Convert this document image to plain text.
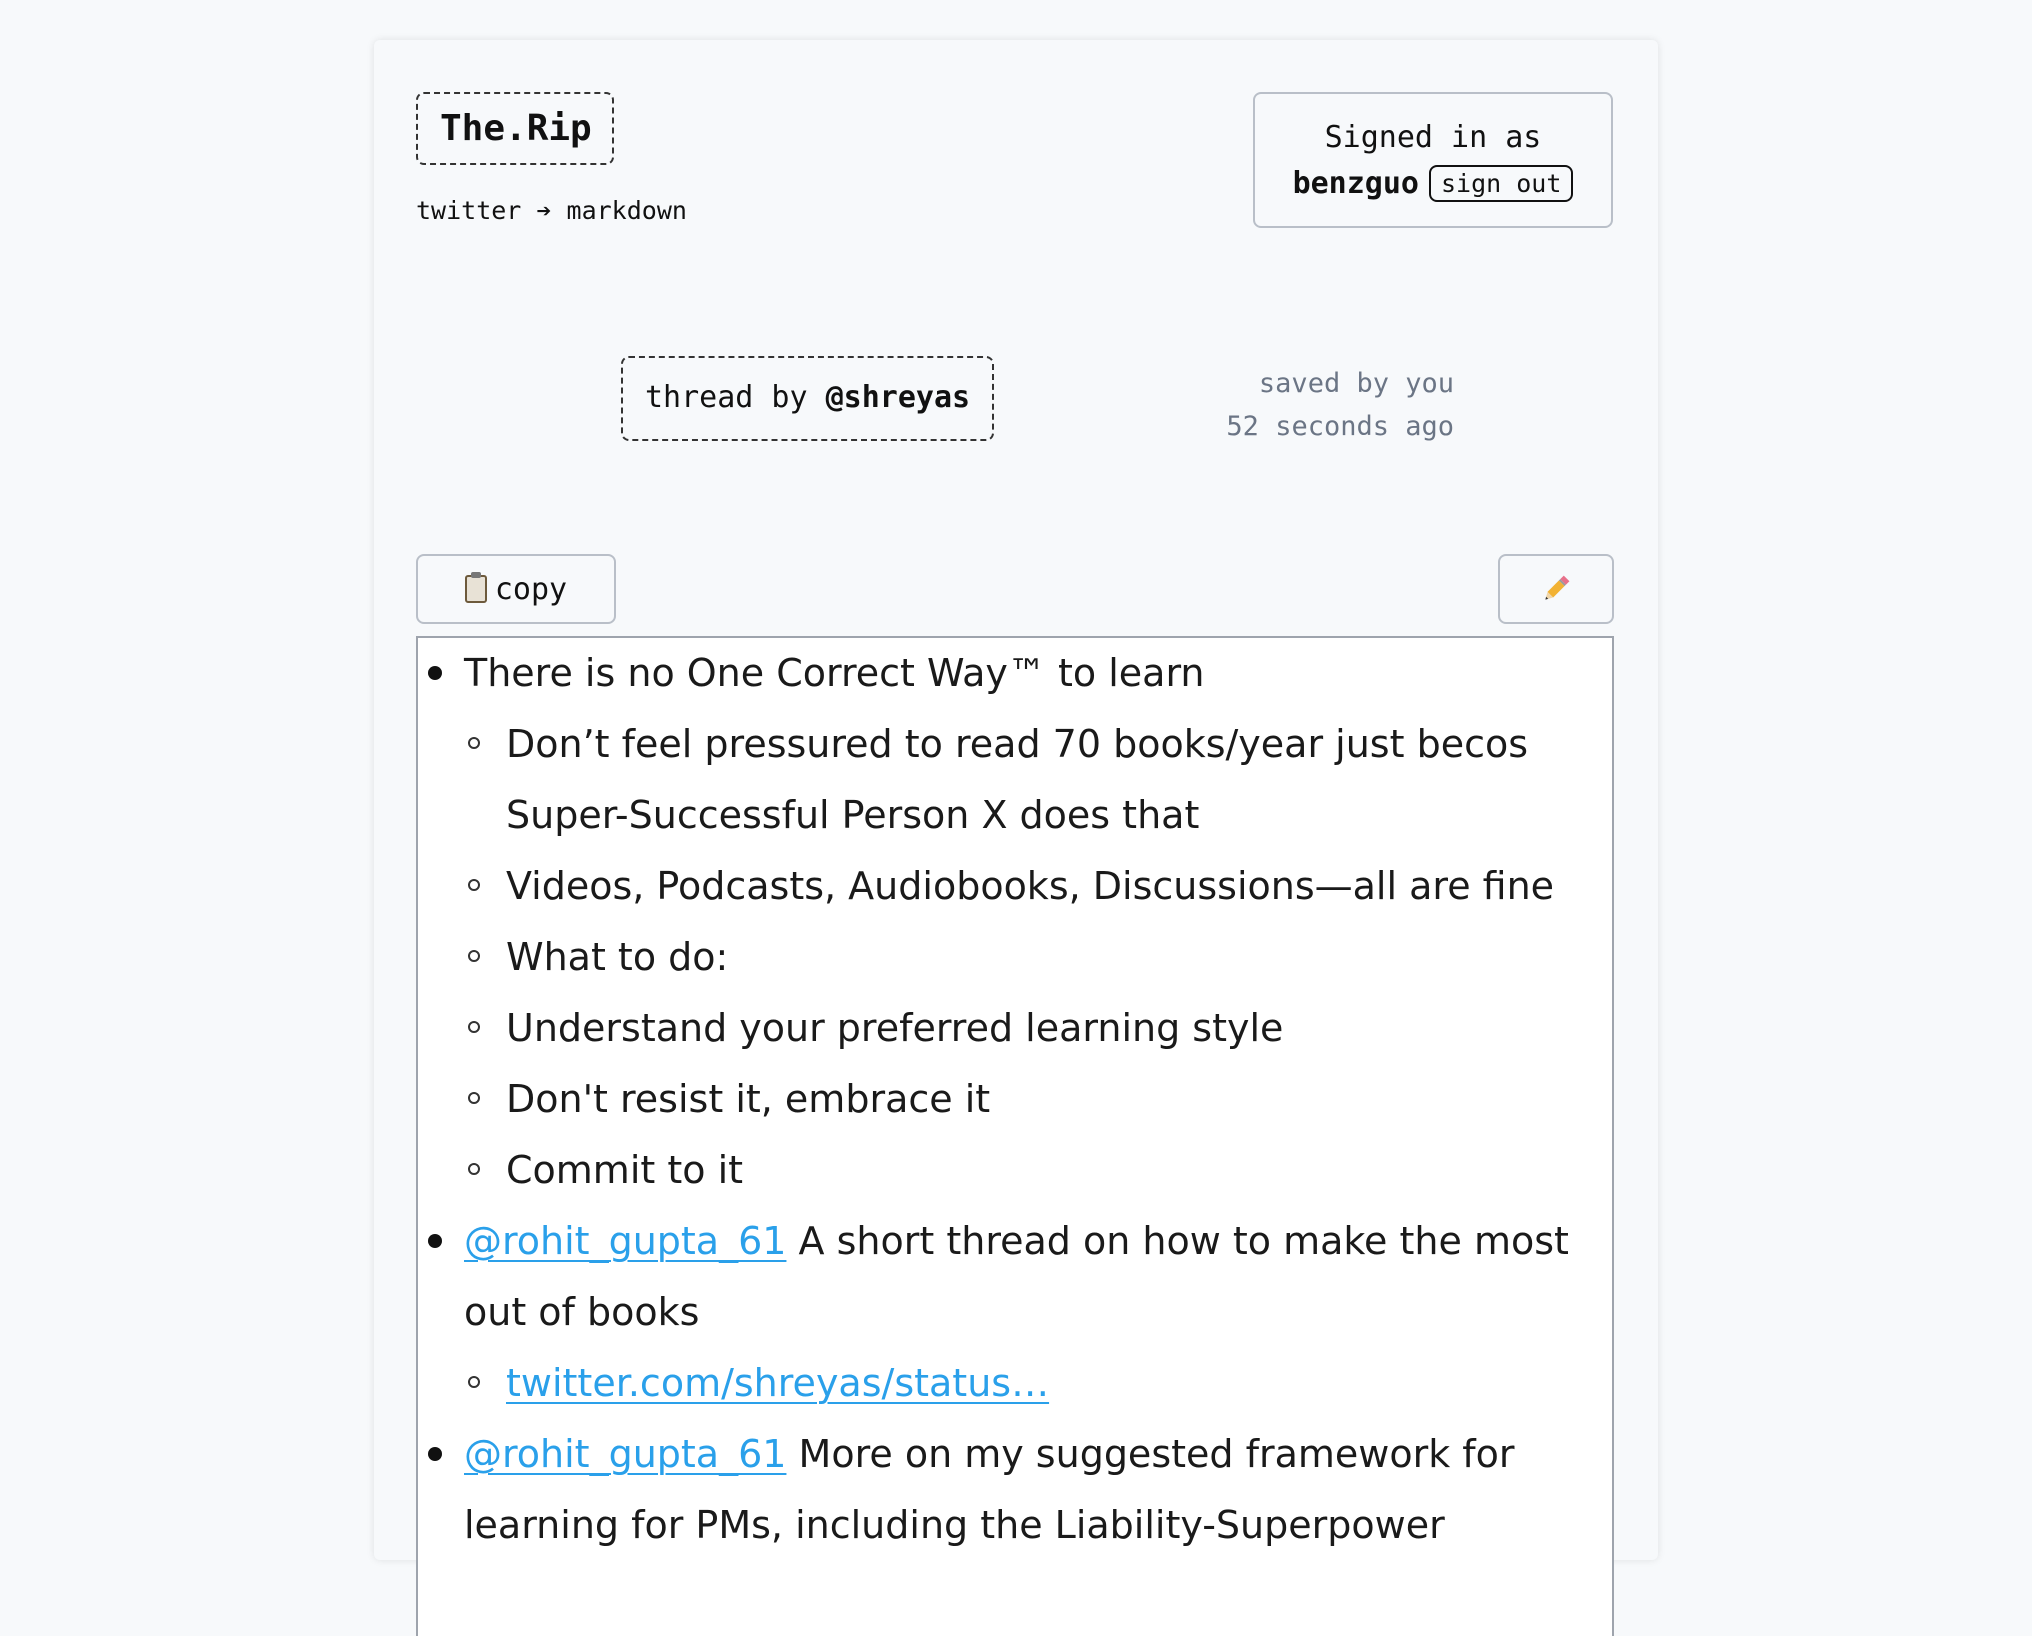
The.Rip
twitter ➔ markdown
Signed in as
benzguo sign out
thread by @shreyas	saved by you
52 seconds ago
copy
There is no One Correct Way™ to learn
Don’t feel pressured to read 70 books/year just becos Super-Successful Person X does that
Videos, Podcasts, Audiobooks, Discussions—all are fine
What to do:
Understand your preferred learning style
Don't resist it, embrace it
Commit to it
@rohit_gupta_61 A short thread on how to make the most out of books
twitter.com/shreyas/status…
@rohit_gupta_61 More on my suggested framework for learning for PMs, including the Liability-Superpower
